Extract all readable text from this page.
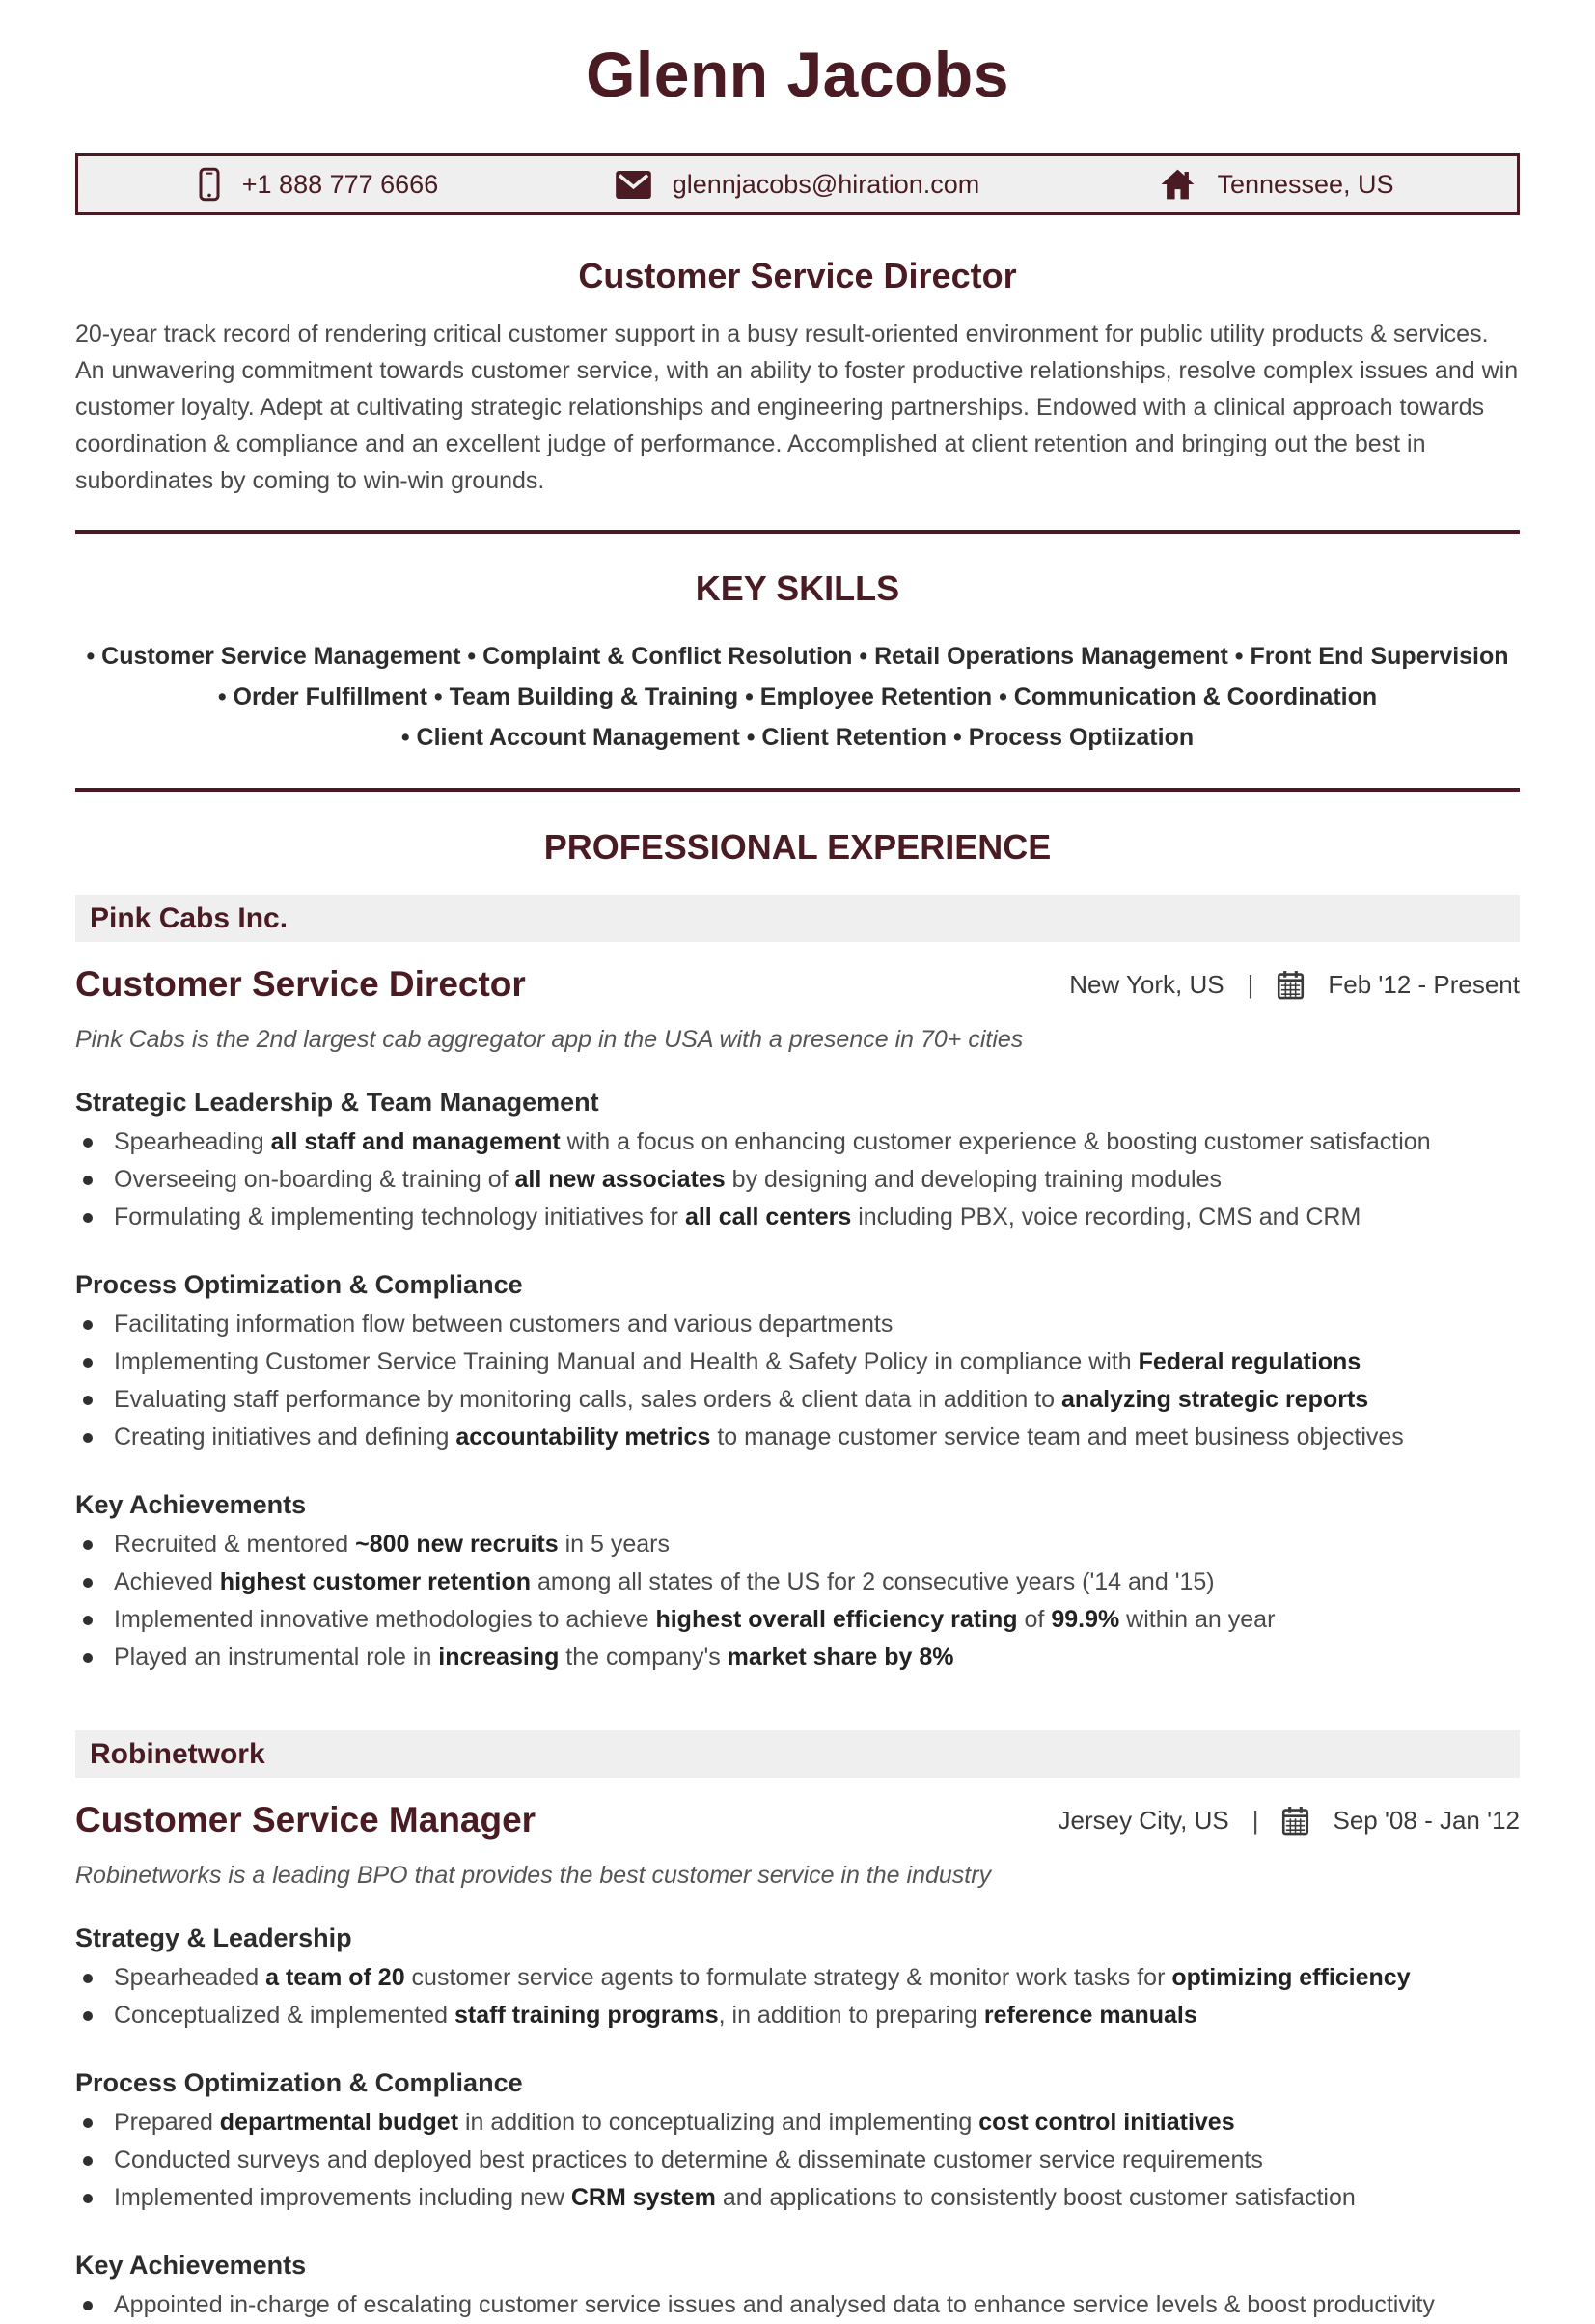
Glenn Jacobs
+1 888 777 6666	glennjacobs@hiration.com	Tennessee, US
Customer Service Director

20-year track record of rendering critical customer support in a busy result-oriented environment for public utility products & services. An unwavering commitment towards customer service, with an ability to foster productive relationships, resolve complex issues and win customer loyalty. Adept at cultivating strategic relationships and engineering partnerships. Endowed with a clinical approach towards coordination & compliance and an excellent judge of performance. Accomplished at client retention and bringing out the best in subordinates by coming to win-win grounds.

KEY SKILLS
• Customer Service Management • Complaint & Conflict Resolution • Retail Operations Management • Front End Supervision
• Order Fulfillment • Team Building & Training • Employee Retention • Communication & Coordination
• Client Account Management • Client Retention • Process Optiization
PROFESSIONAL EXPERIENCE
Pink Cabs Inc.
Customer Service Director	New York, US |	Feb '12 - Present

Pink Cabs is the 2nd largest cab aggregator app in the USA with a presence in 70+ cities

Strategic Leadership & Team Management
Spearheading all staff and management with a focus on enhancing customer experience & boosting customer satisfaction
Overseeing on-boarding & training of all new associates by designing and developing training modules
Formulating & implementing technology initiatives for all call centers including PBX, voice recording, CMS and CRM
Process Optimization & Compliance
Facilitating information flow between customers and various departments
Implementing Customer Service Training Manual and Health & Safety Policy in compliance with Federal regulations
Evaluating staff performance by monitoring calls, sales orders & client data in addition to analyzing strategic reports
Creating initiatives and defining accountability metrics to manage customer service team and meet business objectives
Key Achievements
Recruited & mentored ~800 new recruits in 5 years
Achieved highest customer retention among all states of the US for 2 consecutive years ('14 and '15)
Implemented innovative methodologies to achieve highest overall efficiency rating of 99.9% within an year
Played an instrumental role in increasing the company's market share by 8%
Robinetwork
Customer Service Manager	Jersey City, US |	Sep '08 - Jan '12

Robinetworks is a leading BPO that provides the best customer service in the industry

Strategy & Leadership
Spearheaded a team of 20 customer service agents to formulate strategy & monitor work tasks for optimizing efficiency
Conceptualized & implemented staff training programs, in addition to preparing reference manuals
Process Optimization & Compliance
Prepared departmental budget in addition to conceptualizing and implementing cost control initiatives
Conducted surveys and deployed best practices to determine & disseminate customer service requirements
Implemented improvements including new CRM system and applications to consistently boost customer satisfaction
Key Achievements
Appointed in-charge of escalating customer service issues and analysed data to enhance service levels & boost productivity
